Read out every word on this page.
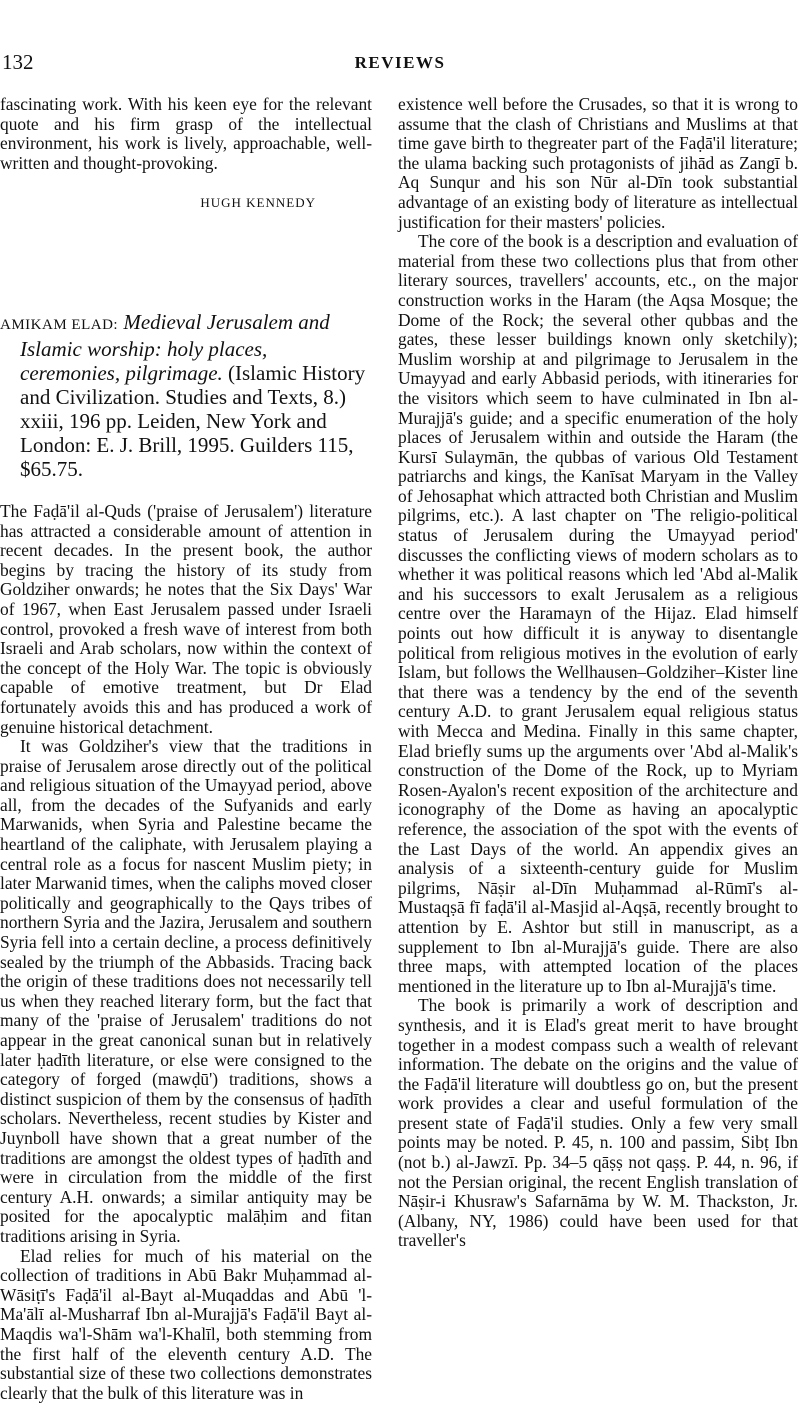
132	REVIEWS

fascinating work. With his keen eye for the relevant quote and his firm grasp of the intellectual environment, his work is lively, approachable, well-written and thought-provoking.

HUGH KENNEDY

AMIKAM ELAD: Medieval Jerusalem and Islamic worship: holy places, ceremonies, pilgrimage. (Islamic History and Civilization. Studies and Texts, 8.) xxiii, 196 pp. Leiden, New York and London: E. J. Brill, 1995. Guilders 115, $65.75.

The Faḍā'il al-Quds ('praise of Jerusalem') literature has attracted a considerable amount of attention in recent decades. In the present book, the author begins by tracing the history of its study from Goldziher onwards; he notes that the Six Days' War of 1967, when East Jerusalem passed under Israeli control, provoked a fresh wave of interest from both Israeli and Arab scholars, now within the context of the concept of the Holy War. The topic is obviously capable of emotive treatment, but Dr Elad fortunately avoids this and has produced a work of genuine historical detachment.

It was Goldziher's view that the traditions in praise of Jerusalem arose directly out of the political and religious situation of the Umayyad period, above all, from the decades of the Sufyanids and early Marwanids, when Syria and Palestine became the heartland of the caliphate, with Jerusalem playing a central role as a focus for nascent Muslim piety; in later Marwanid times, when the caliphs moved closer politically and geographically to the Qays tribes of northern Syria and the Jazira, Jerusalem and southern Syria fell into a certain decline, a process definitively sealed by the triumph of the Abbasids. Tracing back the origin of these traditions does not necessarily tell us when they reached literary form, but the fact that many of the 'praise of Jerusalem' traditions do not appear in the great canonical sunan but in relatively later ḥadīth literature, or else were consigned to the category of forged (mawḍū') traditions, shows a distinct suspicion of them by the consensus of ḥadīth scholars. Nevertheless, recent studies by Kister and Juynboll have shown that a great number of the traditions are amongst the oldest types of ḥadīth and were in circulation from the middle of the first century A.H. onwards; a similar antiquity may be posited for the apocalyptic malāḥim and fitan traditions arising in Syria.

Elad relies for much of his material on the collection of traditions in Abū Bakr Muḥammad al-Wāsiṭī's Faḍā'il al-Bayt al-Muqaddas and Abū 'l-Ma'ālī al-Musharraf Ibn al-Murajjā's Faḍā'il Bayt al-Maqdis wa'l-Shām wa'l-Khalīl, both stemming from the first half of the eleventh century A.D. The substantial size of these two collections demonstrates clearly that the bulk of this literature was in

existence well before the Crusades, so that it is wrong to assume that the clash of Christians and Muslims at that time gave birth to thegreater part of the Faḍā'il literature; the ulama backing such protagonists of jihād as Zangī b. Aq Sunqur and his son Nūr al-Dīn took substantial advantage of an existing body of literature as intellectual justification for their masters' policies.

The core of the book is a description and evaluation of material from these two collections plus that from other literary sources, travellers' accounts, etc., on the major construction works in the Haram (the Aqsa Mosque; the Dome of the Rock; the several other qubbas and the gates, these lesser buildings known only sketchily); Muslim worship at and pilgrimage to Jerusalem in the Umayyad and early Abbasid periods, with itineraries for the visitors which seem to have culminated in Ibn al-Murajjā's guide; and a specific enumeration of the holy places of Jerusalem within and outside the Haram (the Kursī Sulaymān, the qubbas of various Old Testament patriarchs and kings, the Kanīsat Maryam in the Valley of Jehosaphat which attracted both Christian and Muslim pilgrims, etc.). A last chapter on 'The religio-political status of Jerusalem during the Umayyad period' discusses the conflicting views of modern scholars as to whether it was political reasons which led 'Abd al-Malik and his successors to exalt Jerusalem as a religious centre over the Haramayn of the Hijaz. Elad himself points out how difficult it is anyway to disentangle political from religious motives in the evolution of early Islam, but follows the Wellhausen–Goldziher–Kister line that there was a tendency by the end of the seventh century A.D. to grant Jerusalem equal religious status with Mecca and Medina. Finally in this same chapter, Elad briefly sums up the arguments over 'Abd al-Malik's construction of the Dome of the Rock, up to Myriam Rosen-Ayalon's recent exposition of the architecture and iconography of the Dome as having an apocalyptic reference, the association of the spot with the events of the Last Days of the world. An appendix gives an analysis of a sixteenth-century guide for Muslim pilgrims, Nāṣir al-Dīn Muḥammad al-Rūmī's al-Mustaqṣā fī faḍā'il al-Masjid al-Aqṣā, recently brought to attention by E. Ashtor but still in manuscript, as a supplement to Ibn al-Murajjā's guide. There are also three maps, with attempted location of the places mentioned in the literature up to Ibn al-Murajjā's time.

The book is primarily a work of description and synthesis, and it is Elad's great merit to have brought together in a modest compass such a wealth of relevant information. The debate on the origins and the value of the Faḍā'il literature will doubtless go on, but the present work provides a clear and useful formulation of the present state of Faḍā'il studies. Only a few very small points may be noted. P. 45, n. 100 and passim, Sibṭ Ibn (not b.) al-Jawzī. Pp. 34–5 qāṣṣ not qaṣṣ. P. 44, n. 96, if not the Persian original, the recent English translation of Nāṣir-i Khusraw's Safarnāma by W. M. Thackston, Jr. (Albany, NY, 1986) could have been used for that traveller's
